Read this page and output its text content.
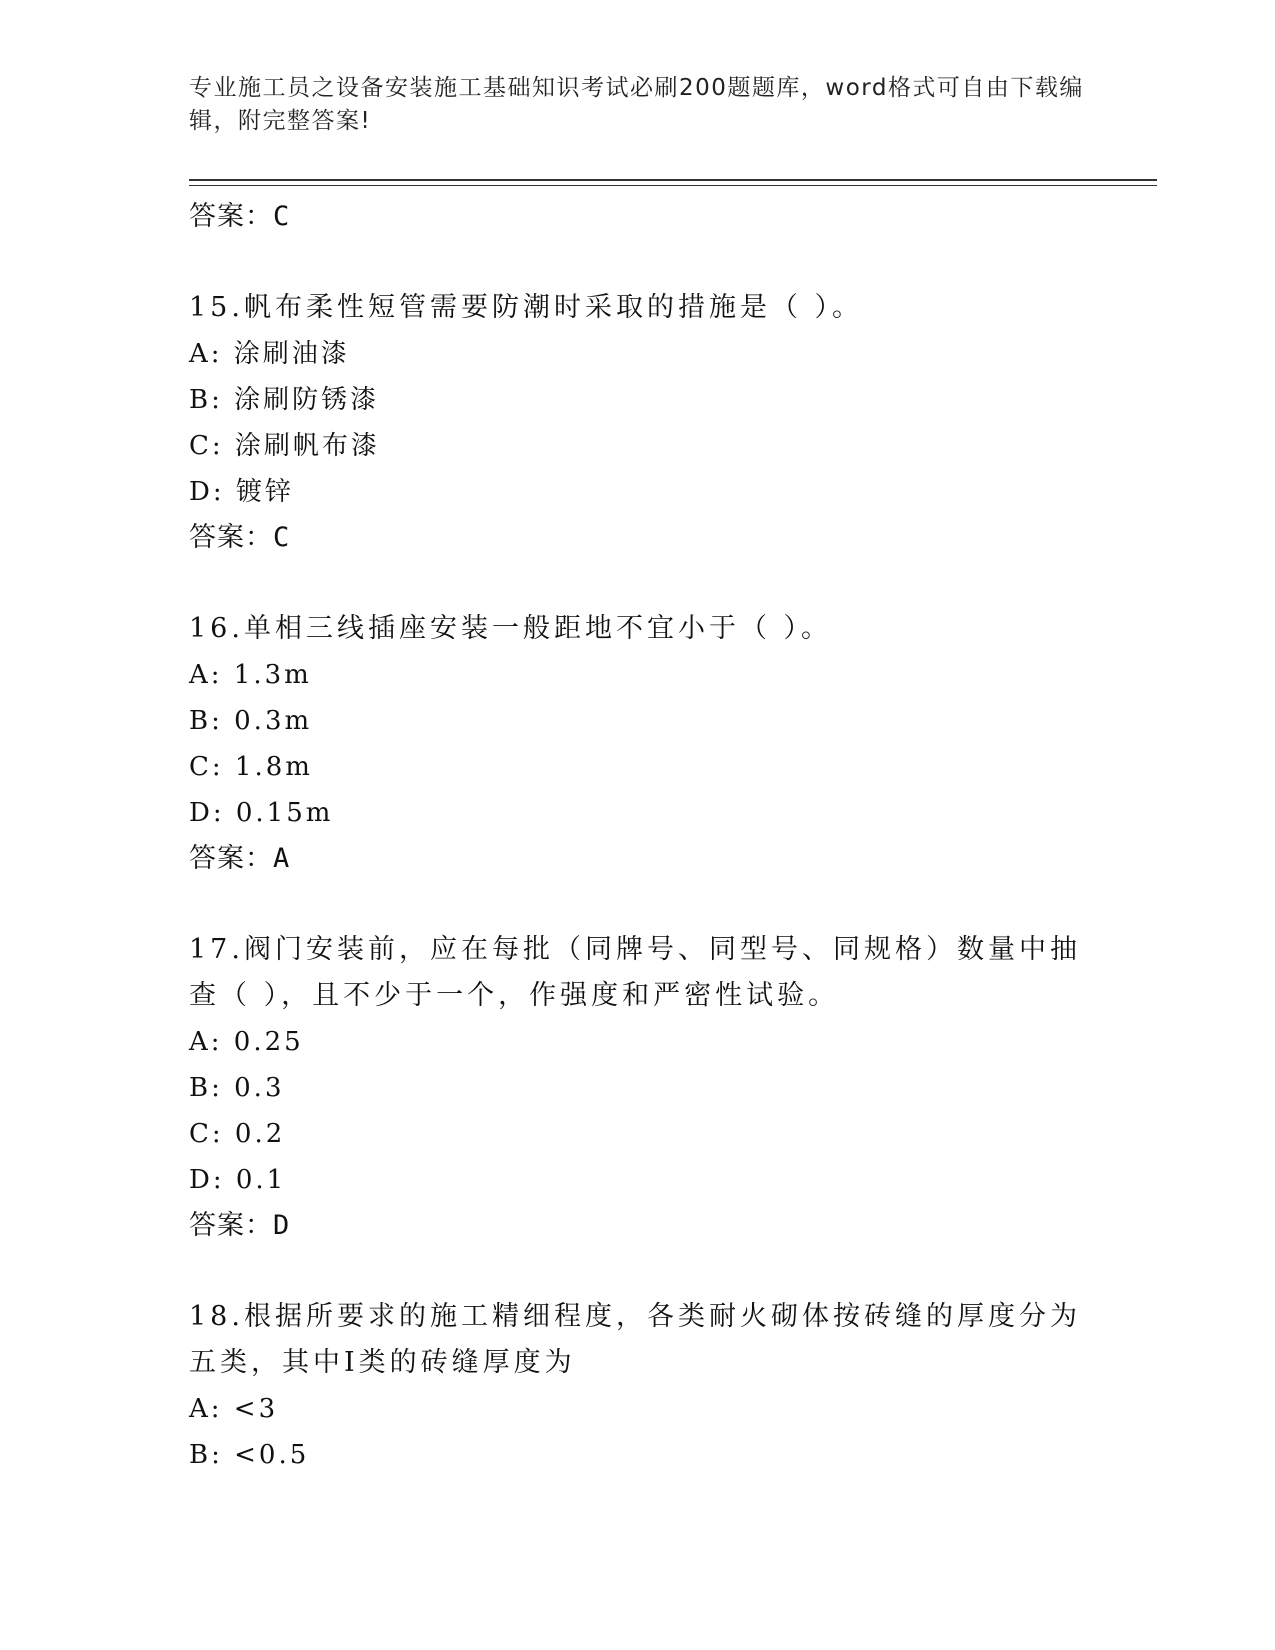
专业施工员之设备安装施工基础知识考试必刷200题题库，word格式可自由下载编辑，附完整答案!
答案：C
15.帆布柔性短管需要防潮时采取的措施是（ ）。
A: 涂刷油漆
B: 涂刷防锈漆
C: 涂刷帆布漆
D: 镀锌
答案：C
16.单相三线插座安装一般距地不宜小于（ ）。
A: 1.3m
B: 0.3m
C: 1.8m
D: 0.15m
答案：A
17.阀门安装前，应在每批（同牌号、同型号、同规格）数量中抽查（ ），且不少于一个，作强度和严密性试验。
A: 0.25
B: 0.3
C: 0.2
D: 0.1
答案：D
18.根据所要求的施工精细程度，各类耐火砌体按砖缝的厚度分为五类，其中Ⅰ类的砖缝厚度为
A: <3
B: <0.5
